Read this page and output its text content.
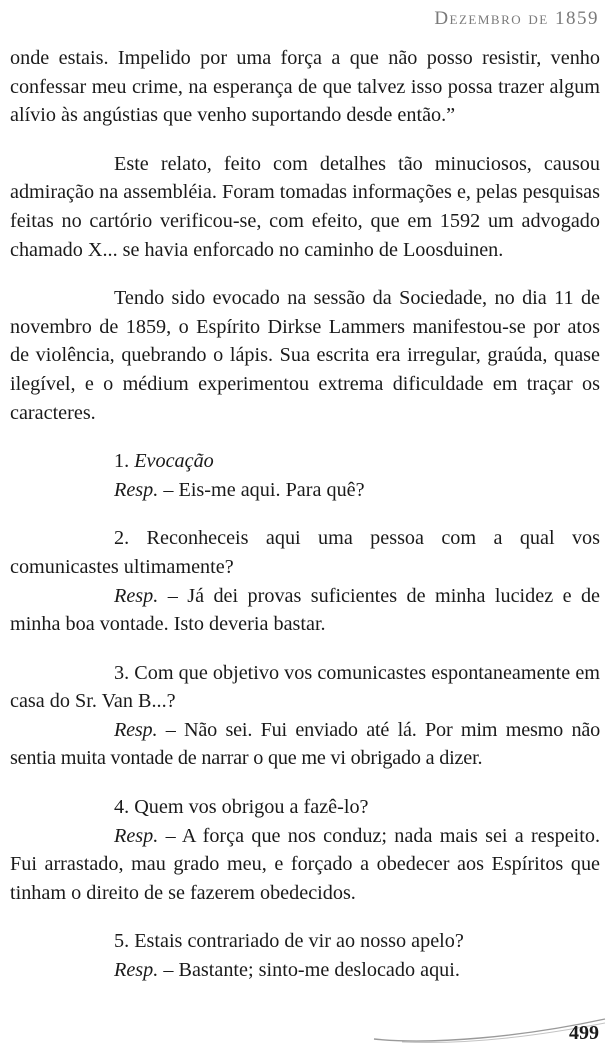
Dezembro de 1859

onde estais. Impelido por uma força a que não posso resistir, venho confessar meu crime, na esperança de que talvez isso possa trazer algum alívio às angústias que venho suportando desde então.”

Este relato, feito com detalhes tão minuciosos, causou admiração na assembléia. Foram tomadas informações e, pelas pesquisas feitas no cartório verificou-se, com efeito, que em 1592 um advogado chamado X... se havia enforcado no caminho de Loosduinen.

Tendo sido evocado na sessão da Sociedade, no dia 11 de novembro de 1859, o Espírito Dirkse Lammers manifestou-se por atos de violência, quebrando o lápis. Sua escrita era irregular, graúda, quase ilegível, e o médium experimentou extrema dificuldade em traçar os caracteres.

1. Evocação

Resp. – Eis-me aqui. Para quê?

2. Reconheceis aqui uma pessoa com a qual vos comunicastes ultimamente?

Resp. – Já dei provas suficientes de minha lucidez e de minha boa vontade. Isto deveria bastar.

3. Com que objetivo vos comunicastes espontaneamente em casa do Sr. Van B...?

Resp. – Não sei. Fui enviado até lá. Por mim mesmo não sentia muita vontade de narrar o que me vi obrigado a dizer.

4. Quem vos obrigou a fazê-lo?

Resp. – A força que nos conduz; nada mais sei a respeito. Fui arrastado, mau grado meu, e forçado a obedecer aos Espíritos que tinham o direito de se fazerem obedecidos.

5. Estais contrariado de vir ao nosso apelo?

Resp. – Bastante; sinto-me deslocado aqui.

499
